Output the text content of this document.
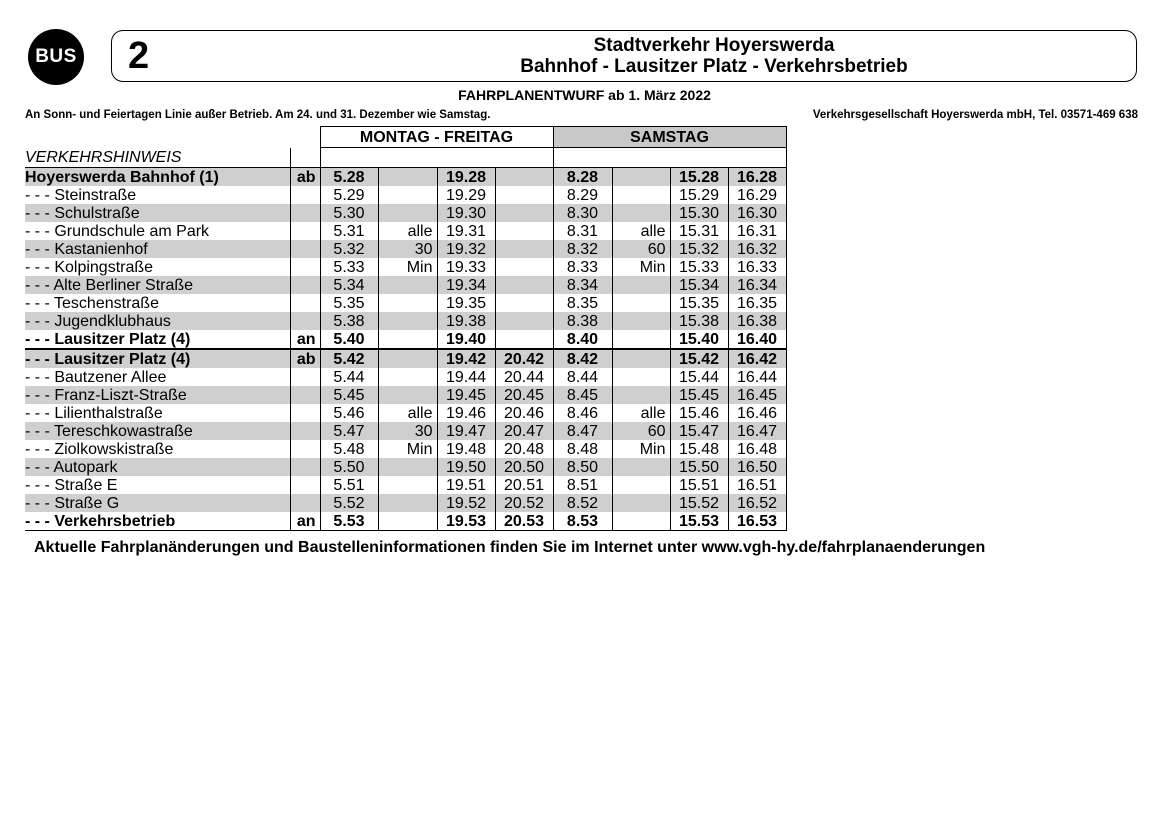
BUS 2	Stadtverkehr Hoyerswerda
Bahnhof - Lausitzer Platz - Verkehrsbetrieb
FAHRPLANENTWURF ab 1. März 2022
An Sonn- und Feiertagen Linie außer Betrieb. Am 24. und 31. Dezember wie Samstag.	Verkehrsgesellschaft Hoyerswerda mbH, Tel. 03571-469 638
		MONTAG - FREITAG				SAMSTAG			
VERKEHRSHINWEIS									
Hoyerswerda Bahnhof (1)	ab	5.28		19.28		8.28		15.28	16.28
- - - Steinstraße		5.29		19.29		8.29		15.29	16.29
- - - Schulstraße		5.30		19.30		8.30		15.30	16.30
- - - Grundschule am Park		5.31	alle	19.31		8.31	alle	15.31	16.31
- - - Kastanienhof		5.32	30	19.32		8.32	60	15.32	16.32
- - - Kolpingstraße		5.33	Min	19.33		8.33	Min	15.33	16.33
- - - Alte Berliner Straße		5.34		19.34		8.34		15.34	16.34
- - - Teschenstraße		5.35		19.35		8.35		15.35	16.35
- - - Jugendklubhaus		5.38		19.38		8.38		15.38	16.38
- - - Lausitzer Platz (4)	an	5.40		19.40		8.40		15.40	16.40
- - - Lausitzer Platz (4)	ab	5.42		19.42	20.42	8.42		15.42	16.42
- - - Bautzener Allee		5.44		19.44	20.44	8.44		15.44	16.44
- - - Franz-Liszt-Straße		5.45		19.45	20.45	8.45		15.45	16.45
- - - Lilienthalstraße		5.46	alle	19.46	20.46	8.46	alle	15.46	16.46
- - - Tereschkowastraße		5.47	30	19.47	20.47	8.47	60	15.47	16.47
- - - Ziolkowskistraße		5.48	Min	19.48	20.48	8.48	Min	15.48	16.48
- - - Autopark		5.50		19.50	20.50	8.50		15.50	16.50
- - - Straße E		5.51		19.51	20.51	8.51		15.51	16.51
- - - Straße G		5.52		19.52	20.52	8.52		15.52	16.52
- - - Verkehrsbetrieb	an	5.53		19.53	20.53	8.53		15.53	16.53
Aktuelle Fahrplanänderungen und Baustelleninformationen finden Sie im Internet unter www.vgh-hy.de/fahrplanaenderungen
